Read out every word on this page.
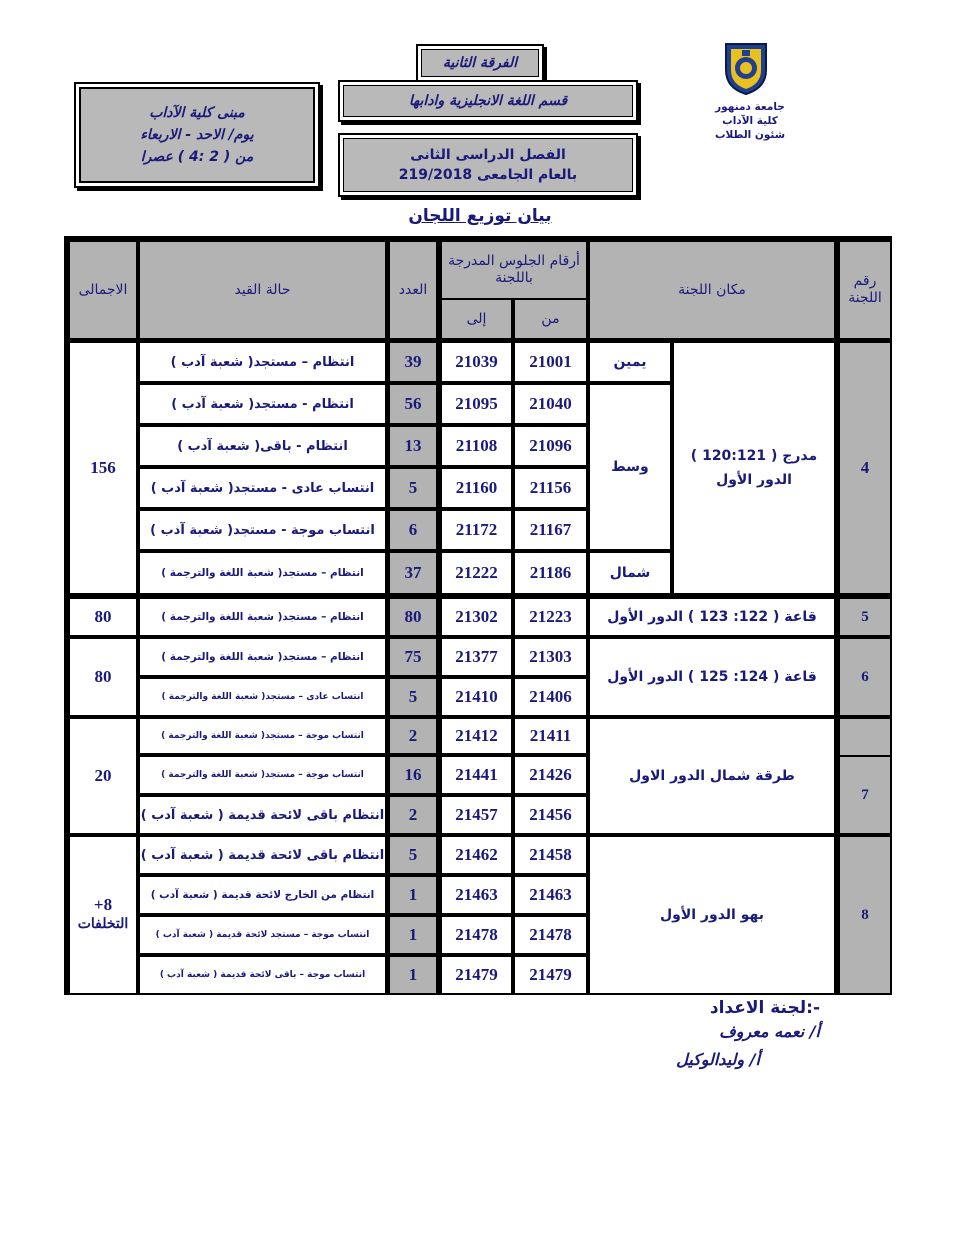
جامعة دمنهور
كلية الآداب
شئون الطلاب
الفرقة الثانية
قسم اللغة الانجليزية وادابها
الفصل الدراسى الثانى
بالعام الجامعى 219/2018
مبنى كلية الآداب
يوم/ الاحد - الاربعاء
من ( 2 :4 ) عصرا
بيان توزيع اللجان
رقم اللجنة
مكان اللجنة
أرقام الجلوس المدرجة باللجنة
من
إلى
العدد
حالة القيد
الاجمالى
4
5
6
7
8
مدرج ( 120:121 )
الدور الأول
يمين
وسط
شمال
قاعة ( 122: 123 ) الدور الأول
قاعة ( 124: 125 ) الدور الأول
طرقة شمال الدور الاول
بهو الدور الأول
156
80
80
20
+8
التخلفات
21001
21039
39
انتظام – مستجد( شعبة آدب )
21040
21095
56
انتظام - مستجد( شعبة آدب )
21096
21108
13
انتظام - باقى( شعبة آدب )
21156
21160
5
انتساب عادى - مستجد( شعبة آدب )
21167
21172
6
انتساب موجة - مستجد( شعبة آدب )
21186
21222
37
انتظام – مستجد( شعبة اللغة والترجمة )
21223
21302
80
انتظام – مستجد( شعبة اللغة والترجمة )
21303
21377
75
انتظام – مستجد( شعبة اللغة والترجمة )
21406
21410
5
انتساب عادى – مستجد( شعبة اللغة والترجمة )
21411
21412
2
انتساب موجة – مستجد( شعبة اللغة والترجمة )
21426
21441
16
انتساب موجة – مستجد( شعبة اللغة والترجمة )
21456
21457
2
انتظام باقى لائحة قديمة ( شعبة آدب )
21458
21462
5
انتظام باقى لائحة قديمة ( شعبة آدب )
21463
21463
1
انتظام من الخارج لائحة قديمة ( شعبة آدب )
21478
21478
1
انتساب موجة – مستجد لائحة قديمة ( شعبة آدب )
21479
21479
1
انتساب موجة – باقى لائحة قديمة ( شعبة آدب )
لجنة الاعداد:-
أ/ نعمه معروف
أ/ وليدالوكيل
